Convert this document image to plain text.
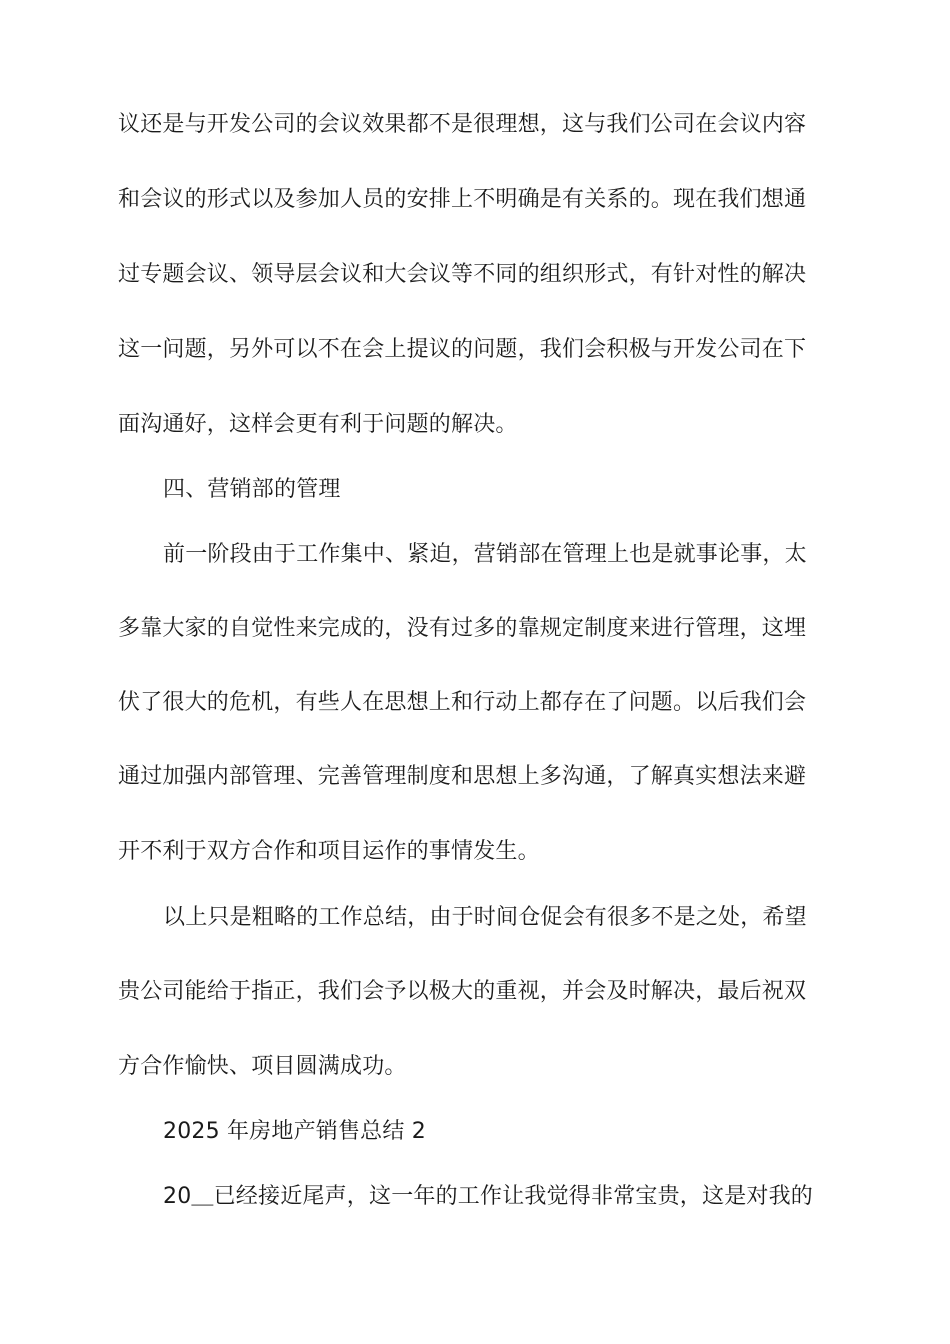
议还是与开发公司的会议效果都不是很理想，这与我们公司在会议内容
和会议的形式以及参加人员的安排上不明确是有关系的。现在我们想通
过专题会议、领导层会议和大会议等不同的组织形式，有针对性的解决
这一问题，另外可以不在会上提议的问题，我们会积极与开发公司在下
面沟通好，这样会更有利于问题的解决。
四、营销部的管理
前一阶段由于工作集中、紧迫，营销部在管理上也是就事论事，太
多靠大家的自觉性来完成的，没有过多的靠规定制度来进行管理，这埋
伏了很大的危机，有些人在思想上和行动上都存在了问题。以后我们会
通过加强内部管理、完善管理制度和思想上多沟通，了解真实想法来避
开不利于双方合作和项目运作的事情发生。
以上只是粗略的工作总结，由于时间仓促会有很多不是之处，希望
贵公司能给于指正，我们会予以极大的重视，并会及时解决，最后祝双
方合作愉快、项目圆满成功。
2025 年房地产销售总结 2
20＿已经接近尾声，这一年的工作让我觉得非常宝贵，这是对我的
